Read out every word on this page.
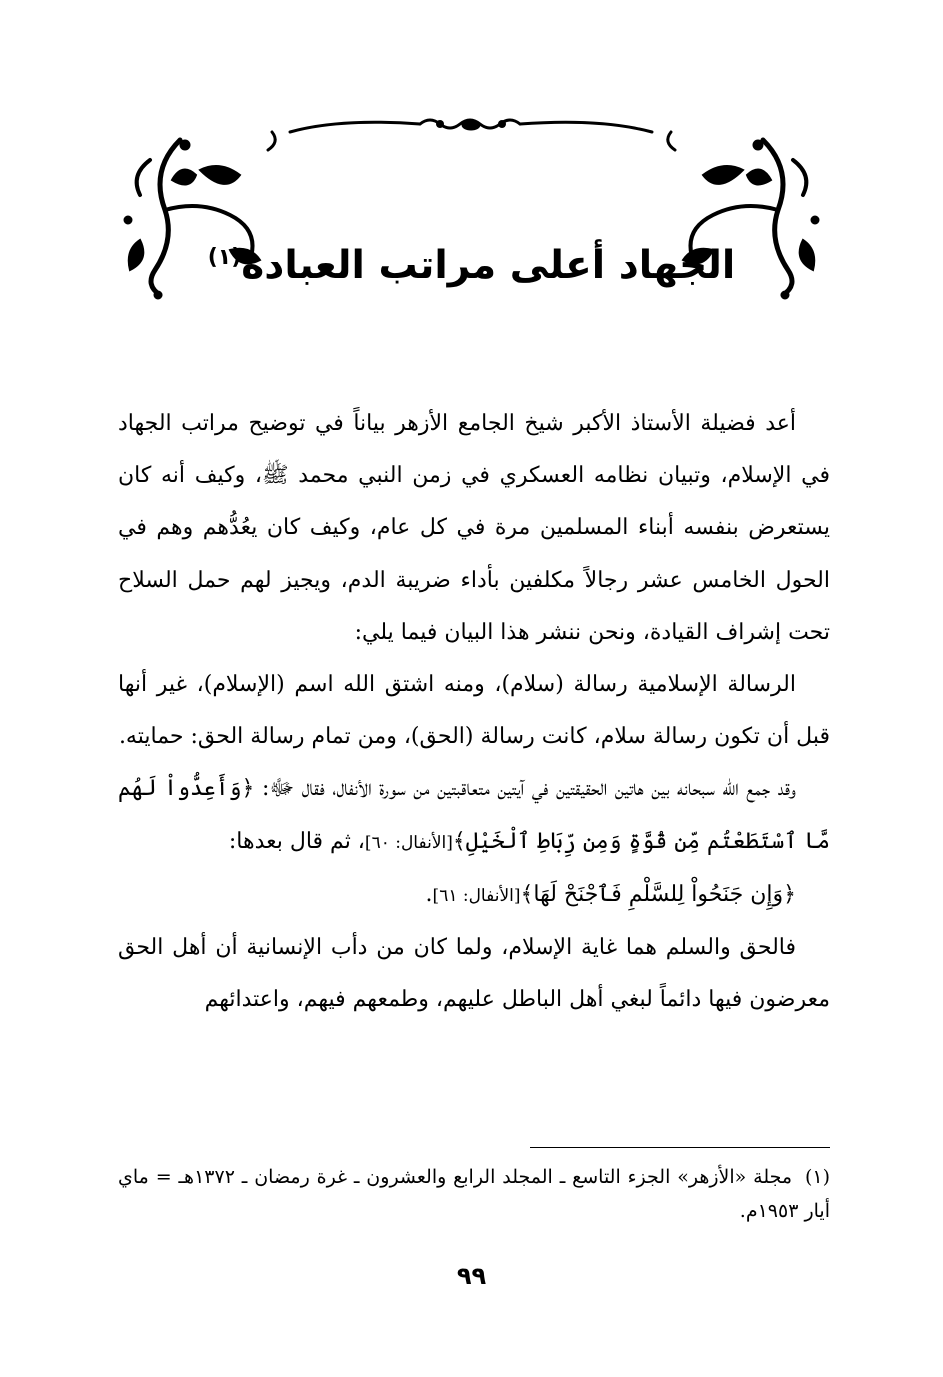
الجهاد أعلى مراتب العبادة$^{(١)}$

أعد فضيلة الأستاذ الأكبر شيخ الجامع الأزهر بياناً في توضيح مراتب الجهاد في الإسلام، وتبيان نظامه العسكري في زمن النبي محمد ﷺ، وكيف أنه كان يستعرض بنفسه أبناء المسلمين مرة في كل عام، وكيف كان يعُدُّهم وهم في الحول الخامس عشر رجالاً مكلفين بأداء ضريبة الدم، ويجيز لهم حمل السلاح تحت إشراف القيادة، ونحن ننشر هذا البيان فيما يلي:

الرسالة الإسلامية رسالة (سلام)، ومنه اشتق الله اسم (الإسلام)، غير أنها قبل أن تكون رسالة سلام، كانت رسالة (الحق)، ومن تمام رسالة الحق: حمايته.

وقد جمع الله سبحانه بين هاتين الحقيقتين في آيتين متعاقبتين من سورة الأنفال، فقال ﷻ: ﴿وَأَعِدُّواْ لَهُم مَّا ٱسْتَطَعْتُم مِّن قُوَّةٍ وَمِن رِّبَاطِ ٱلْخَيْلِ﴾[الأنفال: ٦٠]، ثم قال بعدها:

﴿وَإِن جَنَحُواْ لِلسَّلْمِ فَٱجْنَحْ لَهَا﴾[الأنفال: ٦١].

فالحق والسلم هما غاية الإسلام، ولما كان من دأب الإنسانية أن أهل الحق معرضون فيها دائماً لبغي أهل الباطل عليهم، وطمعهم فيهم، واعتدائهم

(١) مجلة «الأزهر» الجزء التاسع ـ المجلد الرابع والعشرون ـ غرة رمضان ـ ١٣٧٢هـ = ماي أيار ١٩٥٣م.
٩٩
